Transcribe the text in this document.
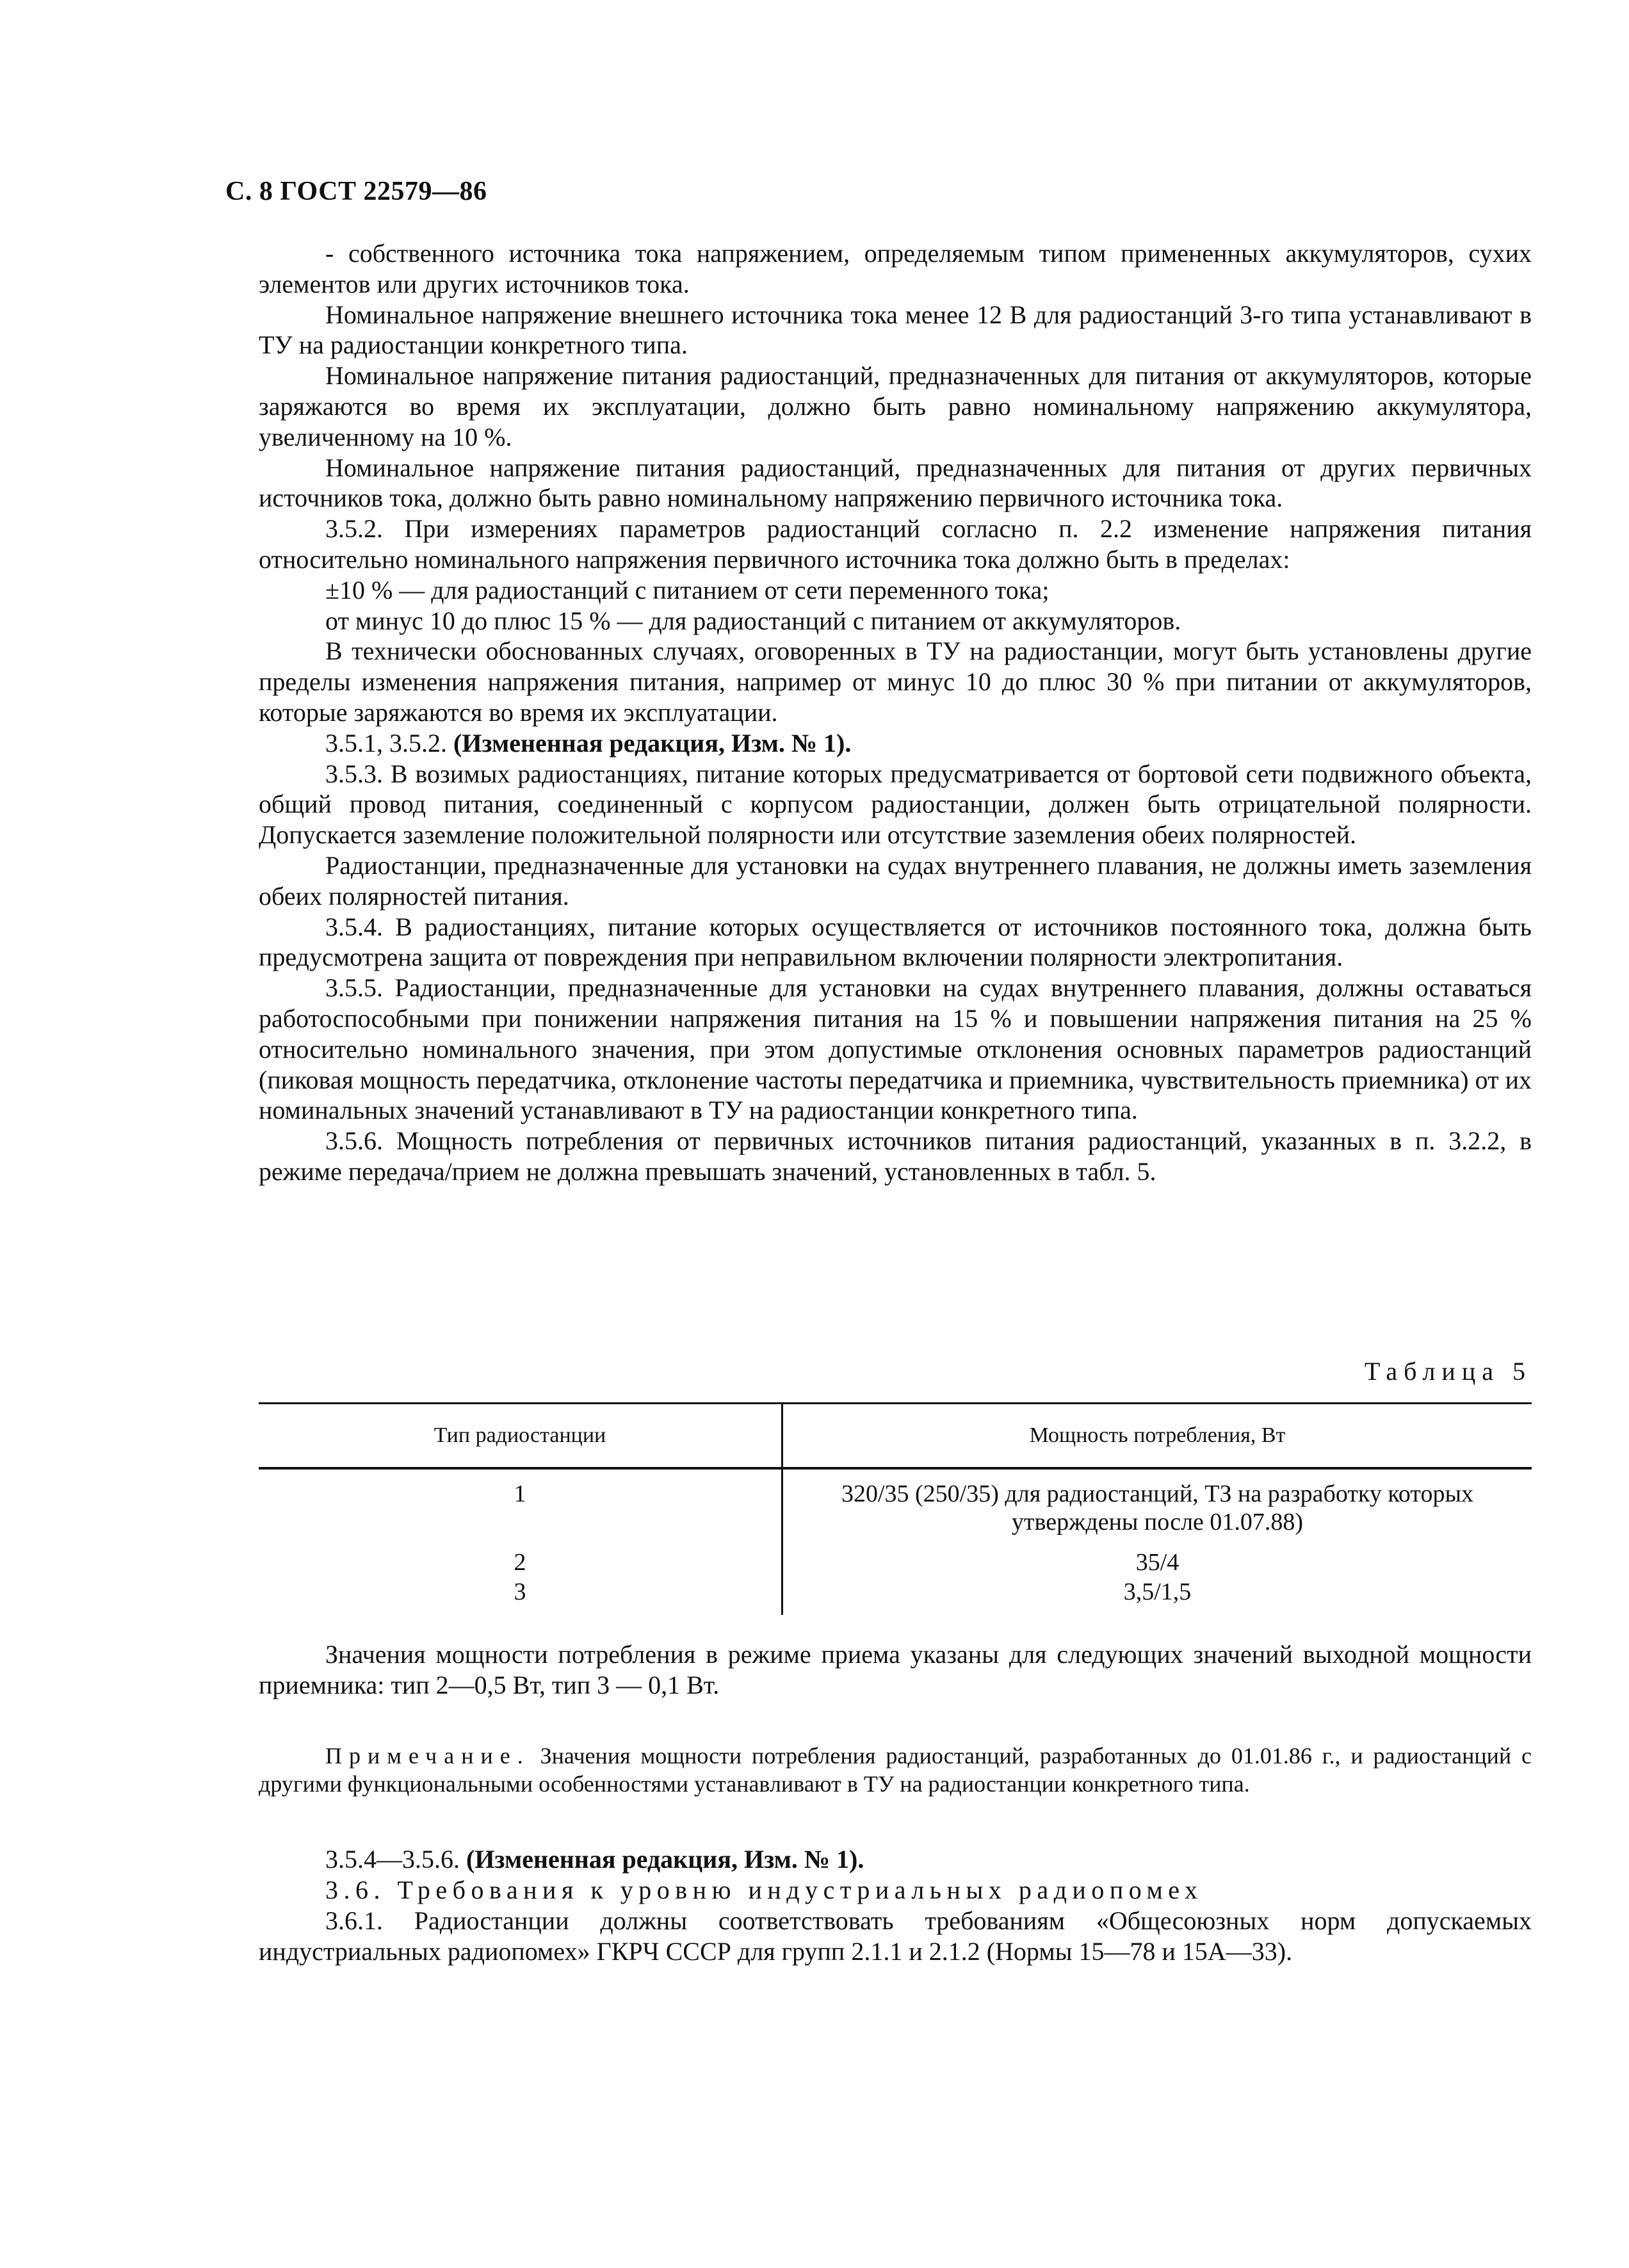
С. 8 ГОСТ 22579—86

- собственного источника тока напряжением, определяемым типом примененных аккумуляторов, сухих элементов или других источников тока.

Номинальное напряжение внешнего источника тока менее 12 В для радиостанций 3-го типа устанавливают в ТУ на радиостанции конкретного типа.

Номинальное напряжение питания радиостанций, предназначенных для питания от аккумуляторов, которые заряжаются во время их эксплуатации, должно быть равно номинальному напряжению аккумулятора, увеличенному на 10 %.

Номинальное напряжение питания радиостанций, предназначенных для питания от других первичных источников тока, должно быть равно номинальному напряжению первичного источника тока.

3.5.2. При измерениях параметров радиостанций согласно п. 2.2 изменение напряжения питания относительно номинального напряжения первичного источника тока должно быть в пределах:

±10 % — для радиостанций с питанием от сети переменного тока;

от минус 10 до плюс 15 % — для радиостанций с питанием от аккумуляторов.

В технически обоснованных случаях, оговоренных в ТУ на радиостанции, могут быть установлены другие пределы изменения напряжения питания, например от минус 10 до плюс 30 % при питании от аккумуляторов, которые заряжаются во время их эксплуатации.

3.5.1, 3.5.2. (Измененная редакция, Изм. № 1).

3.5.3. В возимых радиостанциях, питание которых предусматривается от бортовой сети подвижного объекта, общий провод питания, соединенный с корпусом радиостанции, должен быть отрицательной полярности. Допускается заземление положительной полярности или отсутствие заземления обеих полярностей.

Радиостанции, предназначенные для установки на судах внутреннего плавания, не должны иметь заземления обеих полярностей питания.

3.5.4. В радиостанциях, питание которых осуществляется от источников постоянного тока, должна быть предусмотрена защита от повреждения при неправильном включении полярности электропитания.

3.5.5. Радиостанции, предназначенные для установки на судах внутреннего плавания, должны оставаться работоспособными при понижении напряжения питания на 15 % и повышении напряжения питания на 25 % относительно номинального значения, при этом допустимые отклонения основных параметров радиостанций (пиковая мощность передатчика, отклонение частоты передатчика и приемника, чувствительность приемника) от их номинальных значений устанавливают в ТУ на радиостанции конкретного типа.

3.5.6. Мощность потребления от первичных источников питания радиостанций, указанных в п. 3.2.2, в режиме передача/прием не должна превышать значений, установленных в табл. 5.

Таблица 5
Тип радиостанции	Мощность потребления, Вт
1	320/35 (250/35) для радиостанций, ТЗ на разработку которых утверждены после 01.07.88)
2	35/4
3	3,5/1,5

Значения мощности потребления в режиме приема указаны для следующих значений выходной мощности приемника: тип 2—0,5 Вт, тип 3 — 0,1 Вт.

Примечание. Значения мощности потребления радиостанций, разработанных до 01.01.86 г., и радиостанций с другими функциональными особенностями устанавливают в ТУ на радиостанции конкретного типа.

3.5.4—3.5.6. (Измененная редакция, Изм. № 1).

3.6. Требования к уровню индустриальных радиопомех

3.6.1. Радиостанции должны соответствовать требованиям «Общесоюзных норм допускаемых индустриальных радиопомех» ГКРЧ СССР для групп 2.1.1 и 2.1.2 (Нормы 15—78 и 15А—33).
